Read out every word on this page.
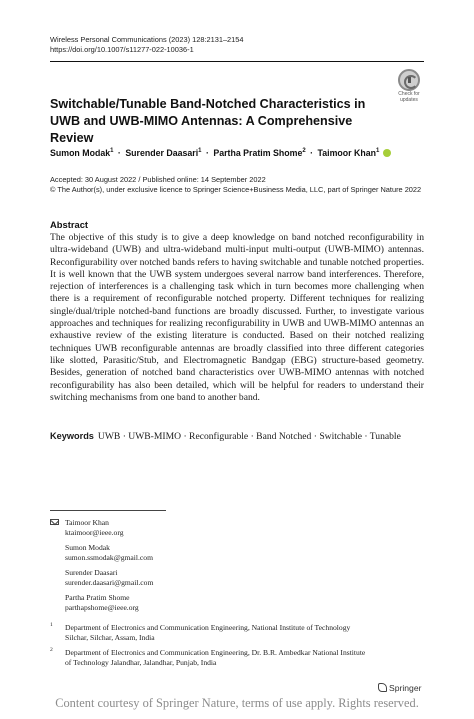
Wireless Personal Communications (2023) 128:2131–2154
https://doi.org/10.1007/s11277-022-10036-1
Check for
updates
Switchable/Tunable Band-Notched Characteristics in UWB and UWB-MIMO Antennas: A Comprehensive Review
Sumon Modak$^1$ · Surender Daasari$^1$ · Partha Pratim Shome$^2$ · Taimoor Khan$^1$
Accepted: 30 August 2022 / Published online: 14 September 2022
© The Author(s), under exclusive licence to Springer Science+Business Media, LLC, part of Springer Nature 2022
Abstract
The objective of this study is to give a deep knowledge on band notched reconfigurability in ultra-wideband (UWB) and ultra-wideband multi-input multi-output (UWB-MIMO) antennas. Reconfigurability over notched bands refers to having switchable and tunable notched properties. It is well known that the UWB system undergoes several narrow band interferences. Therefore, rejection of interferences is a challenging task which in turn becomes more challenging when there is a requirement of reconfigurable notched property. Different techniques for realizing single/dual/triple notched-band functions are broadly discussed. Further, to investigate various approaches and techniques for realizing reconfigurability in UWB and UWB-MIMO antennas an exhaustive review of the existing literature is conducted. Based on their notched realizing techniques UWB reconfigurable antennas are broadly classified into three different categories like slotted, Parasitic/Stub, and Electromagnetic Bandgap (EBG) structure-based geometry. Besides, generation of notched band characteristics over UWB-MIMO antennas with notched reconfigurability has also been detailed, which will be helpful for readers to understand their switching mechanisms from one band to another band.
Keywords UWB · UWB-MIMO · Reconfigurable · Band Notched · Switchable · Tunable
Taimoor Khan
ktaimoor@ieee.org
Sumon Modak
sumon.ssmodak@gmail.com
Surender Daasari
surender.daasari@gmail.com
Partha Pratim Shome
parthapshome@ieee.org
1 Department of Electronics and Communication Engineering, National Institute of Technology
Silchar, Silchar, Assam, India
2 Department of Electronics and Communication Engineering, Dr. B.R. Ambedkar National Institute
of Technology Jalandhar, Jalandhar, Punjab, India
Springer
Content courtesy of Springer Nature, terms of use apply. Rights reserved.
